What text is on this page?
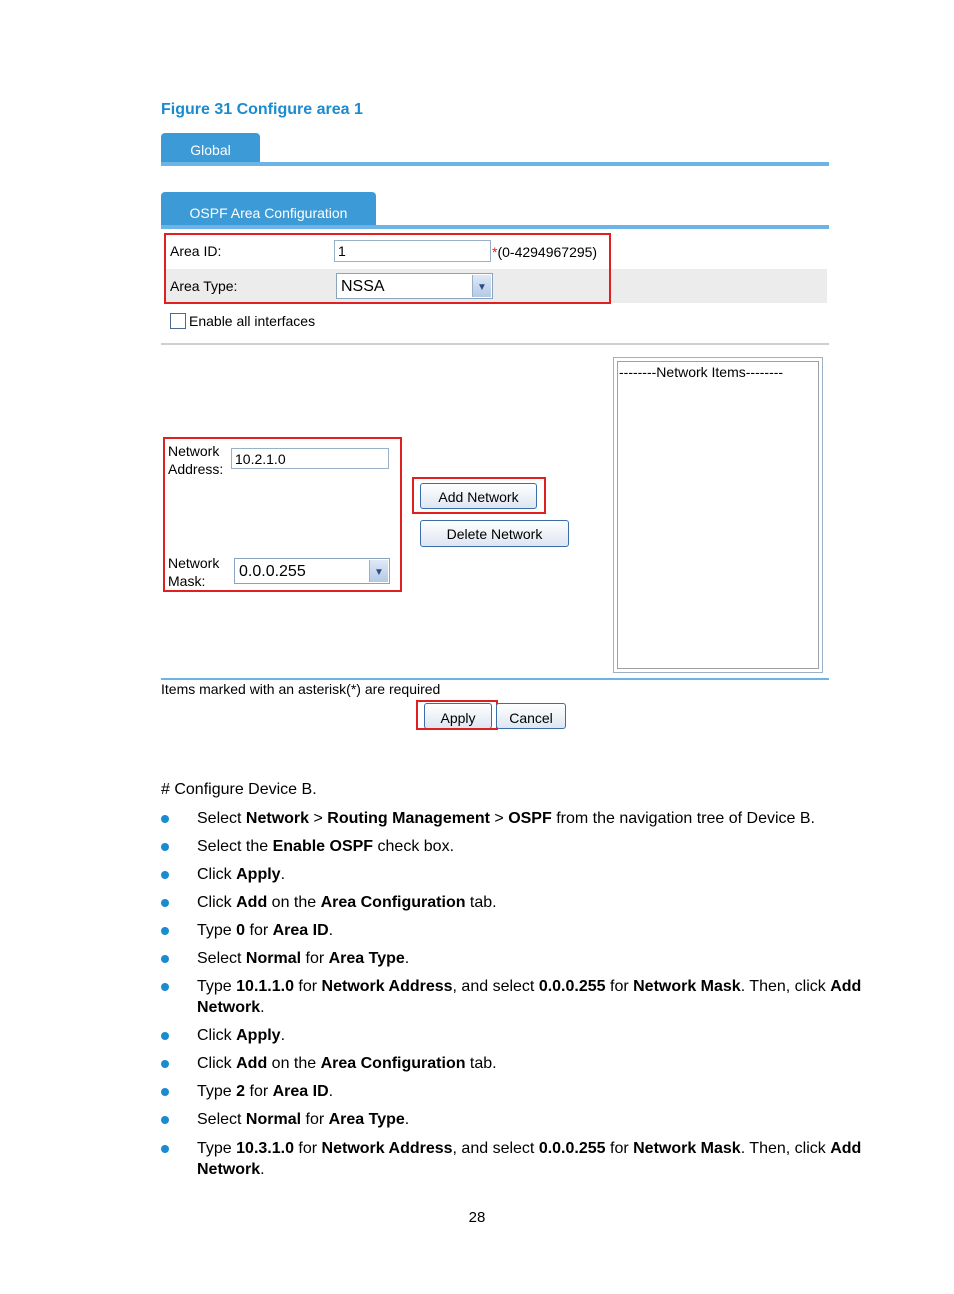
Figure 31 Configure area 1
Global
OSPF Area Configuration
Area ID:
1	*(0-4294967295)
Area Type:	NSSA	▼
Enable all interfaces
Network
Address:
10.2.1.0
Network
Mask:
0.0.0.255	▼
Add Network
Delete Network
--------Network Items--------
Items marked with an asterisk(*) are required
Apply	Cancel
# Configure Device B.
Select Network > Routing Management > OSPF from the navigation tree of Device B.
Select the Enable OSPF check box.
Click Apply.
Click Add on the Area Configuration tab.
Type 0 for Area ID.
Select Normal for Area Type.
Type 10.1.1.0 for Network Address, and select 0.0.0.255 for Network Mask. Then, click Add Network.
Click Apply.
Click Add on the Area Configuration tab.
Type 2 for Area ID.
Select Normal for Area Type.
Type 10.3.1.0 for Network Address, and select 0.0.0.255 for Network Mask. Then, click Add Network.
28
